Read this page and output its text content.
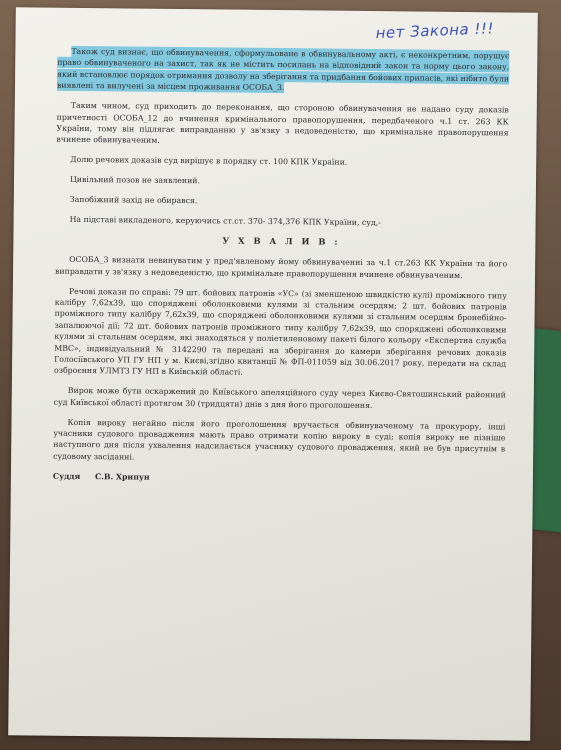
нет Законa !!!

Також суд визнає, що обвинувачення, сформульоване в обвинувальному акті, є неконкретним, порушує право обвинуваченого на захист, так як не містить посилань на відповідний закон та норму цього закону, який встановлює порядок отримання дозволу на зберігання та придбання бойових припасів, які нібито були виявлені та вилучені за місцем проживання ОСОБА_3.

Таким чином, суд приходить до переконання, що стороною обвинувачення не надано суду доказів причетності ОСОБА_12 до вчинення кримінального правопорушення, передбаченого ч.1 ст. 263 КК України, тому він підлягає виправданню у зв'язку з недоведеністю, що кримінальне правопорушення вчинене обвинуваченим.

Долю речових доказів суд вирішує в порядку ст. 100 КПК України.

Цивільний позов не заявлений.

Запобіжний захід не обирався.

На підставі викладеного, керуючись ст.ст. 370- 374,376 КПК України, суд,-

У Х В А Л И В :

ОСОБА_3 визнати невинуватим у пред'явленому йому обвинуваченні за ч.1 ст.263 КК України та його виправдати у зв'язку з недоведеністю, що кримінальне правопорушення вчинене обвинуваченим.

Речові докази по справі: 79 шт. бойових патронів «УС» (зі зменшеною швидкістю кулі) проміжного типу калібру 7,62х39, що споряджені оболонковими кулями зі стальним осердям; 2 шт. бойових патронів проміжного типу калібру 7,62х39, що споряджені оболонковими кулями зі стальним осердям бронебійно-запалюючої дії; 72 шт. бойових патронів проміжного типу калібру 7,62х39, що споряджені оболонковими кулями зі стальним осердям, які знаходяться у поліетиленовому пакеті білого кольору «Експертна служба МВС», індивідуальний № 3142290 та передані на зберігання до камери зберігання речових доказів Голосіївського УП ГУ НП у м. Києві,згідно квитанції № ФП-011059 від 30.06.2017 року, передати на склад озброєння УЛМТЗ ГУ НП в Київській області.

Вирок може бути оскаржений до Київського апеляційного суду через Києво-Святошинський районний суд Київської області протягом 30 (тридцяти) днів з дня його проголошення.

Копія вироку негайно після його проголошення вручається обвинуваченому та прокурору, інші учасники судового провадження мають право отримати копію вироку в суді; копія вироку не пізніше наступного дня після ухвалення надсилається учаснику судового провадження, який не був присутнім в судовому засіданні.

Суддя С.В. Хрипун
